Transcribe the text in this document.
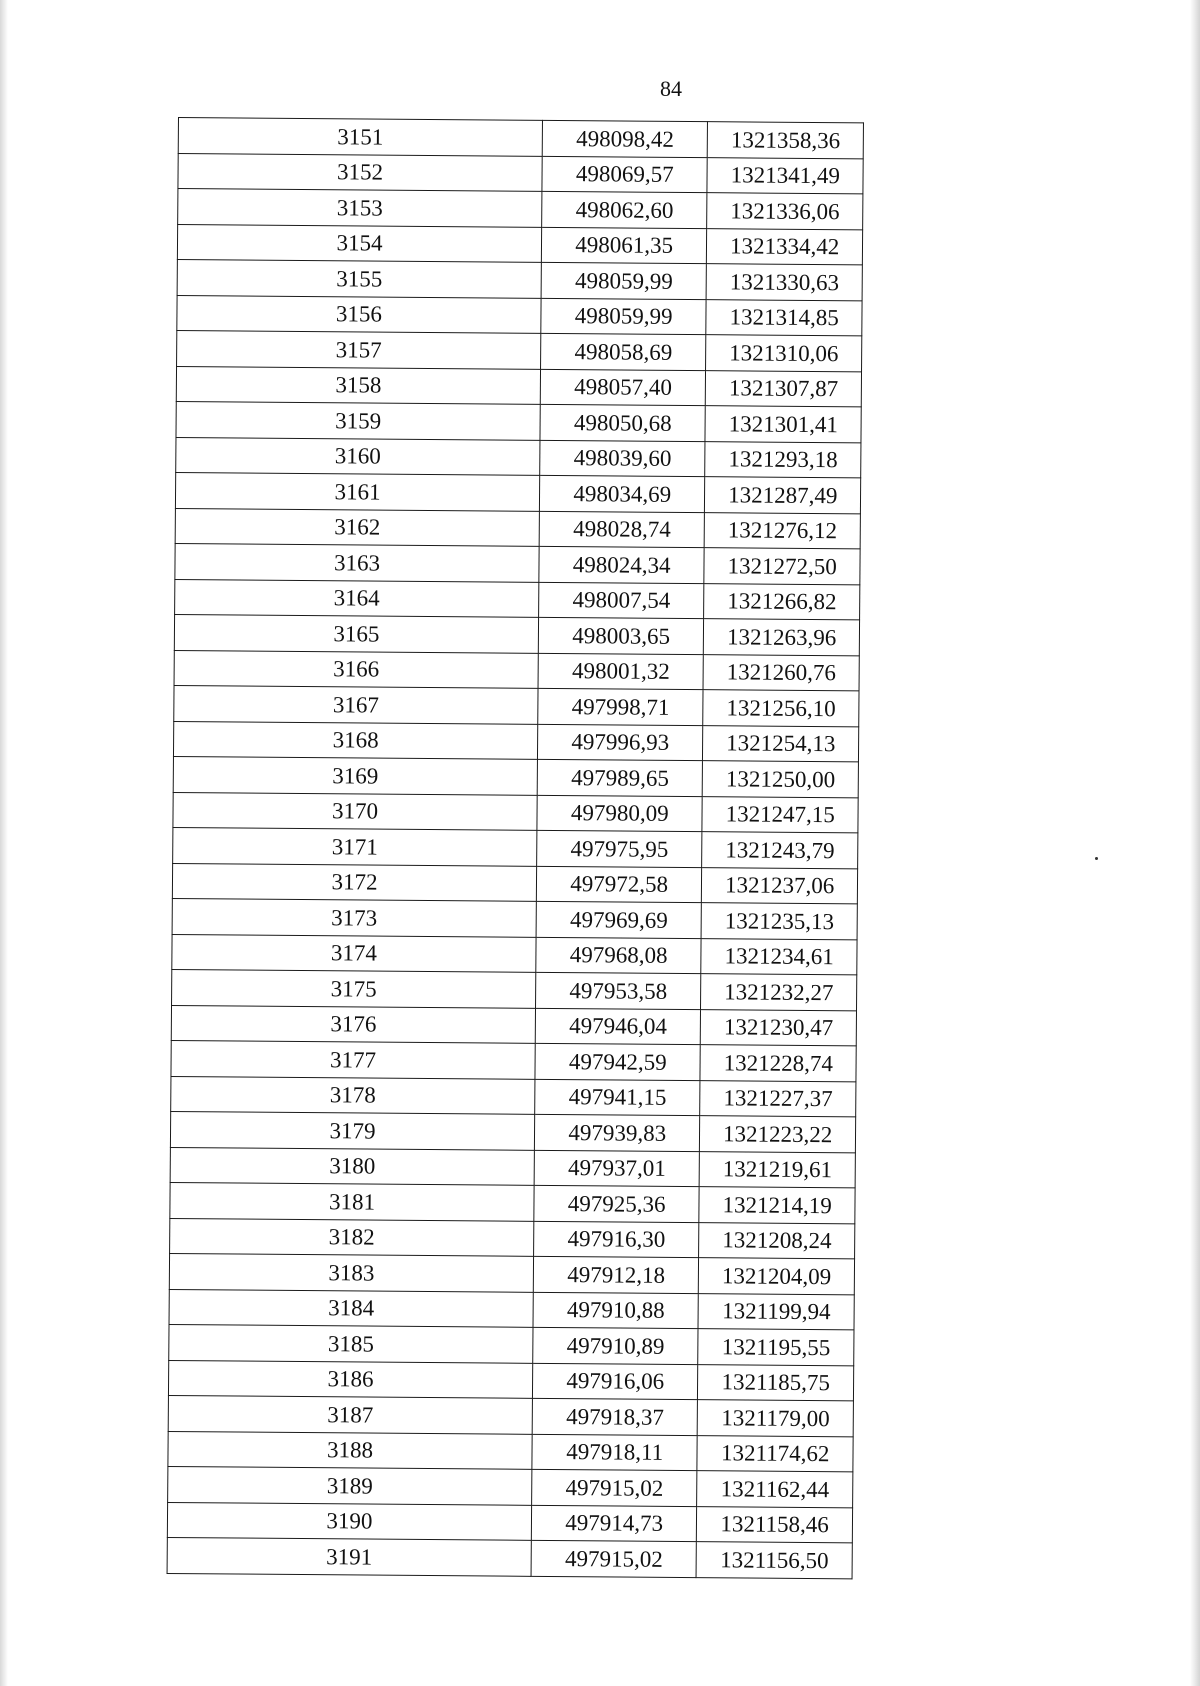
84
3151	498098,42	1321358,36
3152	498069,57	1321341,49
3153	498062,60	1321336,06
3154	498061,35	1321334,42
3155	498059,99	1321330,63
3156	498059,99	1321314,85
3157	498058,69	1321310,06
3158	498057,40	1321307,87
3159	498050,68	1321301,41
3160	498039,60	1321293,18
3161	498034,69	1321287,49
3162	498028,74	1321276,12
3163	498024,34	1321272,50
3164	498007,54	1321266,82
3165	498003,65	1321263,96
3166	498001,32	1321260,76
3167	497998,71	1321256,10
3168	497996,93	1321254,13
3169	497989,65	1321250,00
3170	497980,09	1321247,15
3171	497975,95	1321243,79
3172	497972,58	1321237,06
3173	497969,69	1321235,13
3174	497968,08	1321234,61
3175	497953,58	1321232,27
3176	497946,04	1321230,47
3177	497942,59	1321228,74
3178	497941,15	1321227,37
3179	497939,83	1321223,22
3180	497937,01	1321219,61
3181	497925,36	1321214,19
3182	497916,30	1321208,24
3183	497912,18	1321204,09
3184	497910,88	1321199,94
3185	497910,89	1321195,55
3186	497916,06	1321185,75
3187	497918,37	1321179,00
3188	497918,11	1321174,62
3189	497915,02	1321162,44
3190	497914,73	1321158,46
3191	497915,02	1321156,50
